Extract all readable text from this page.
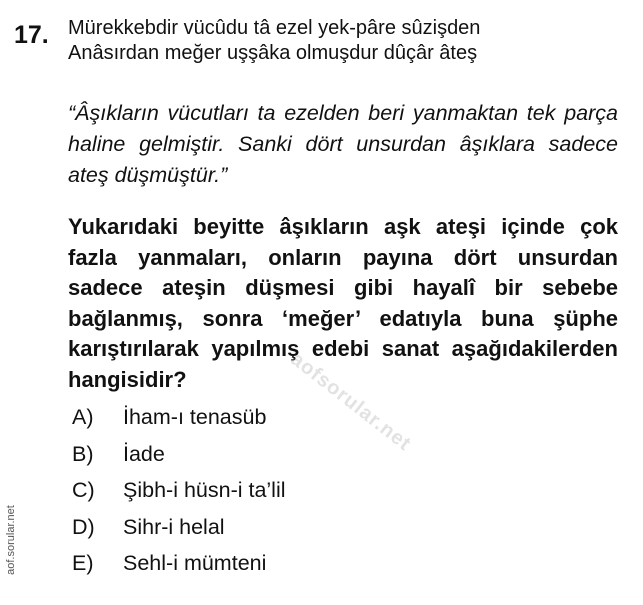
17. Mürekkebdir vücûdu tâ ezel yek-pâre sûzişden
Anâsırdan meğer uşşâka olmuşdur dûçâr âteş
“Âşıkların vücutları ta ezelden beri yanmaktan tek parça haline gelmiştir. Sanki dört unsurdan âşıklara sadece ateş düşmüştür.”
Yukarıdaki beyitte âşıkların aşk ateşi içinde çok fazla yanmaları, onların payına dört unsurdan sadece ateşin düşmesi gibi hayalî bir sebebe bağlanmış, sonra ‘meğer’ edatıyla buna şüphe karıştırılarak yapılmış edebi sanat aşağıdakilerden hangisidir?
A)	İham-ı tenasüb
B)	İade
C)	Şibh-i hüsn-i ta’lil
D)	Sihr-i helal
E)	Sehl-i mümteni
aofsorular.net
aof.sorular.net
